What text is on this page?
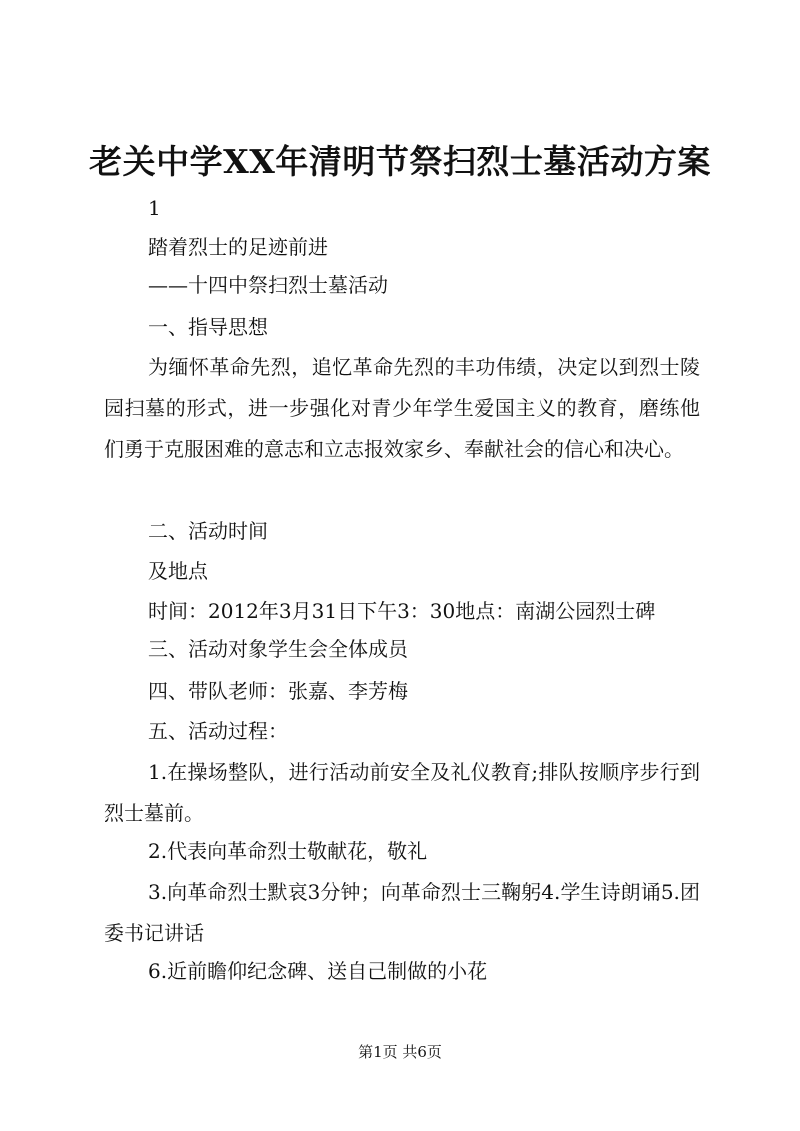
老关中学XX年清明节祭扫烈士墓活动方案
1
踏着烈士的足迹前进
——十四中祭扫烈士墓活动
一、指导思想
为缅怀革命先烈，追忆革命先烈的丰功伟绩，决定以到烈士陵园扫墓的形式，进一步强化对青少年学生爱国主义的教育，磨练他们勇于克服困难的意志和立志报效家乡、奉献社会的信心和决心。
二、活动时间
及地点
时间：2012年3月31日下午3：30地点：南湖公园烈士碑
三、活动对象学生会全体成员
四、带队老师：张嘉、李芳梅
五、活动过程：
1.在操场整队，进行活动前安全及礼仪教育;排队按顺序步行到烈士墓前。
2.代表向革命烈士敬献花，敬礼
3.向革命烈士默哀3分钟；向革命烈士三鞠躬4.学生诗朗诵5.团委书记讲话
6.近前瞻仰纪念碑、送自己制做的小花
第1页 共6页
